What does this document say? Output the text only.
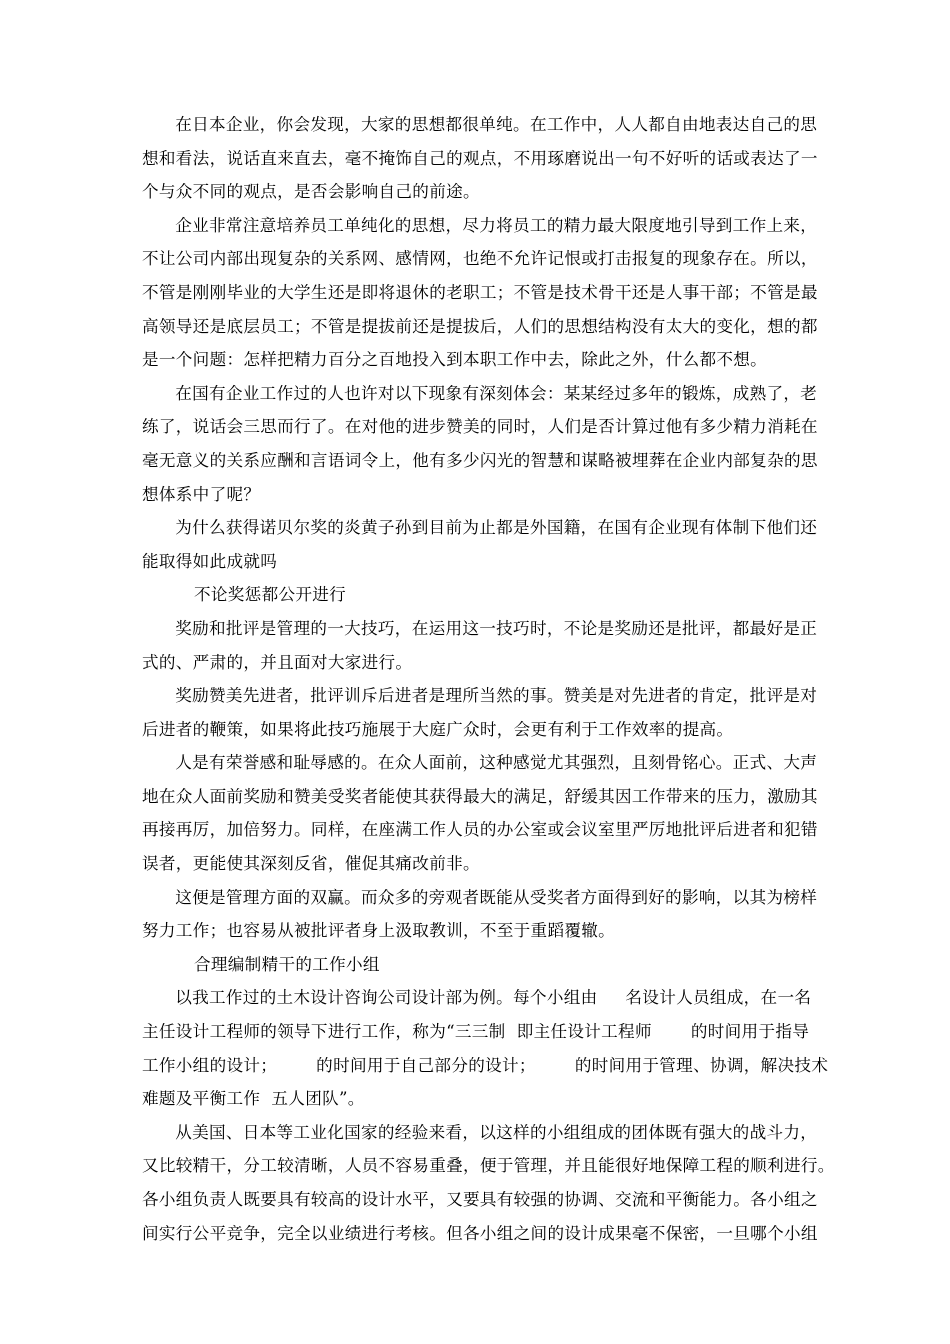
在日本企业，你会发现，大家的思想都很单纯。在工作中，人人都自由地表达自己的思
想和看法，说话直来直去，毫不掩饰自己的观点，不用琢磨说出一句不好听的话或表达了一
个与众不同的观点，是否会影响自己的前途。

企业非常注意培养员工单纯化的思想，尽力将员工的精力最大限度地引导到工作上来，
不让公司内部出现复杂的关系网、感情网，也绝不允许记恨或打击报复的现象存在。所以，
不管是刚刚毕业的大学生还是即将退休的老职工；不管是技术骨干还是人事干部；不管是最
高领导还是底层员工；不管是提拔前还是提拔后，人们的思想结构没有太大的变化，想的都
是一个问题：怎样把精力百分之百地投入到本职工作中去，除此之外，什么都不想。

在国有企业工作过的人也许对以下现象有深刻体会：某某经过多年的锻炼，成熟了，老
练了，说话会三思而行了。在对他的进步赞美的同时，人们是否计算过他有多少精力消耗在
毫无意义的关系应酬和言语词令上，他有多少闪光的智慧和谋略被埋葬在企业内部复杂的思
想体系中了呢？

为什么获得诺贝尔奖的炎黄子孙到目前为止都是外国籍，在国有企业现有体制下他们还
能取得如此成就吗

不论奖惩都公开进行

奖励和批评是管理的一大技巧，在运用这一技巧时，不论是奖励还是批评，都最好是正
式的、严肃的，并且面对大家进行。

奖励赞美先进者，批评训斥后进者是理所当然的事。赞美是对先进者的肯定，批评是对
后进者的鞭策，如果将此技巧施展于大庭广众时，会更有利于工作效率的提高。

人是有荣誉感和耻辱感的。在众人面前，这种感觉尤其强烈，且刻骨铭心。正式、大声
地在众人面前奖励和赞美受奖者能使其获得最大的满足，舒缓其因工作带来的压力，激励其
再接再厉，加倍努力。同样，在座满工作人员的办公室或会议室里严厉地批评后进者和犯错
误者，更能使其深刻反省，催促其痛改前非。

这便是管理方面的双赢。而众多的旁观者既能从受奖者方面得到好的影响，以其为榜样
努力工作；也容易从被批评者身上汲取教训，不至于重蹈覆辙。

合理编制精干的工作小组

以我工作过的土木设计咨询公司设计部为例。每个小组由     名设计人员组成，在一名
主任设计工程师的领导下进行工作，称为“三三制  即主任设计工程师       的时间用于指导
工作小组的设计；       的时间用于自己部分的设计；       的时间用于管理、协调，解决技术
难题及平衡工作  五人团队”。

从美国、日本等工业化国家的经验来看，以这样的小组组成的团体既有强大的战斗力，
又比较精干，分工较清晰，人员不容易重叠，便于管理，并且能很好地保障工程的顺利进行。
各小组负责人既要具有较高的设计水平，又要具有较强的协调、交流和平衡能力。各小组之
间实行公平竞争，完全以业绩进行考核。但各小组之间的设计成果毫不保密，一旦哪个小组
